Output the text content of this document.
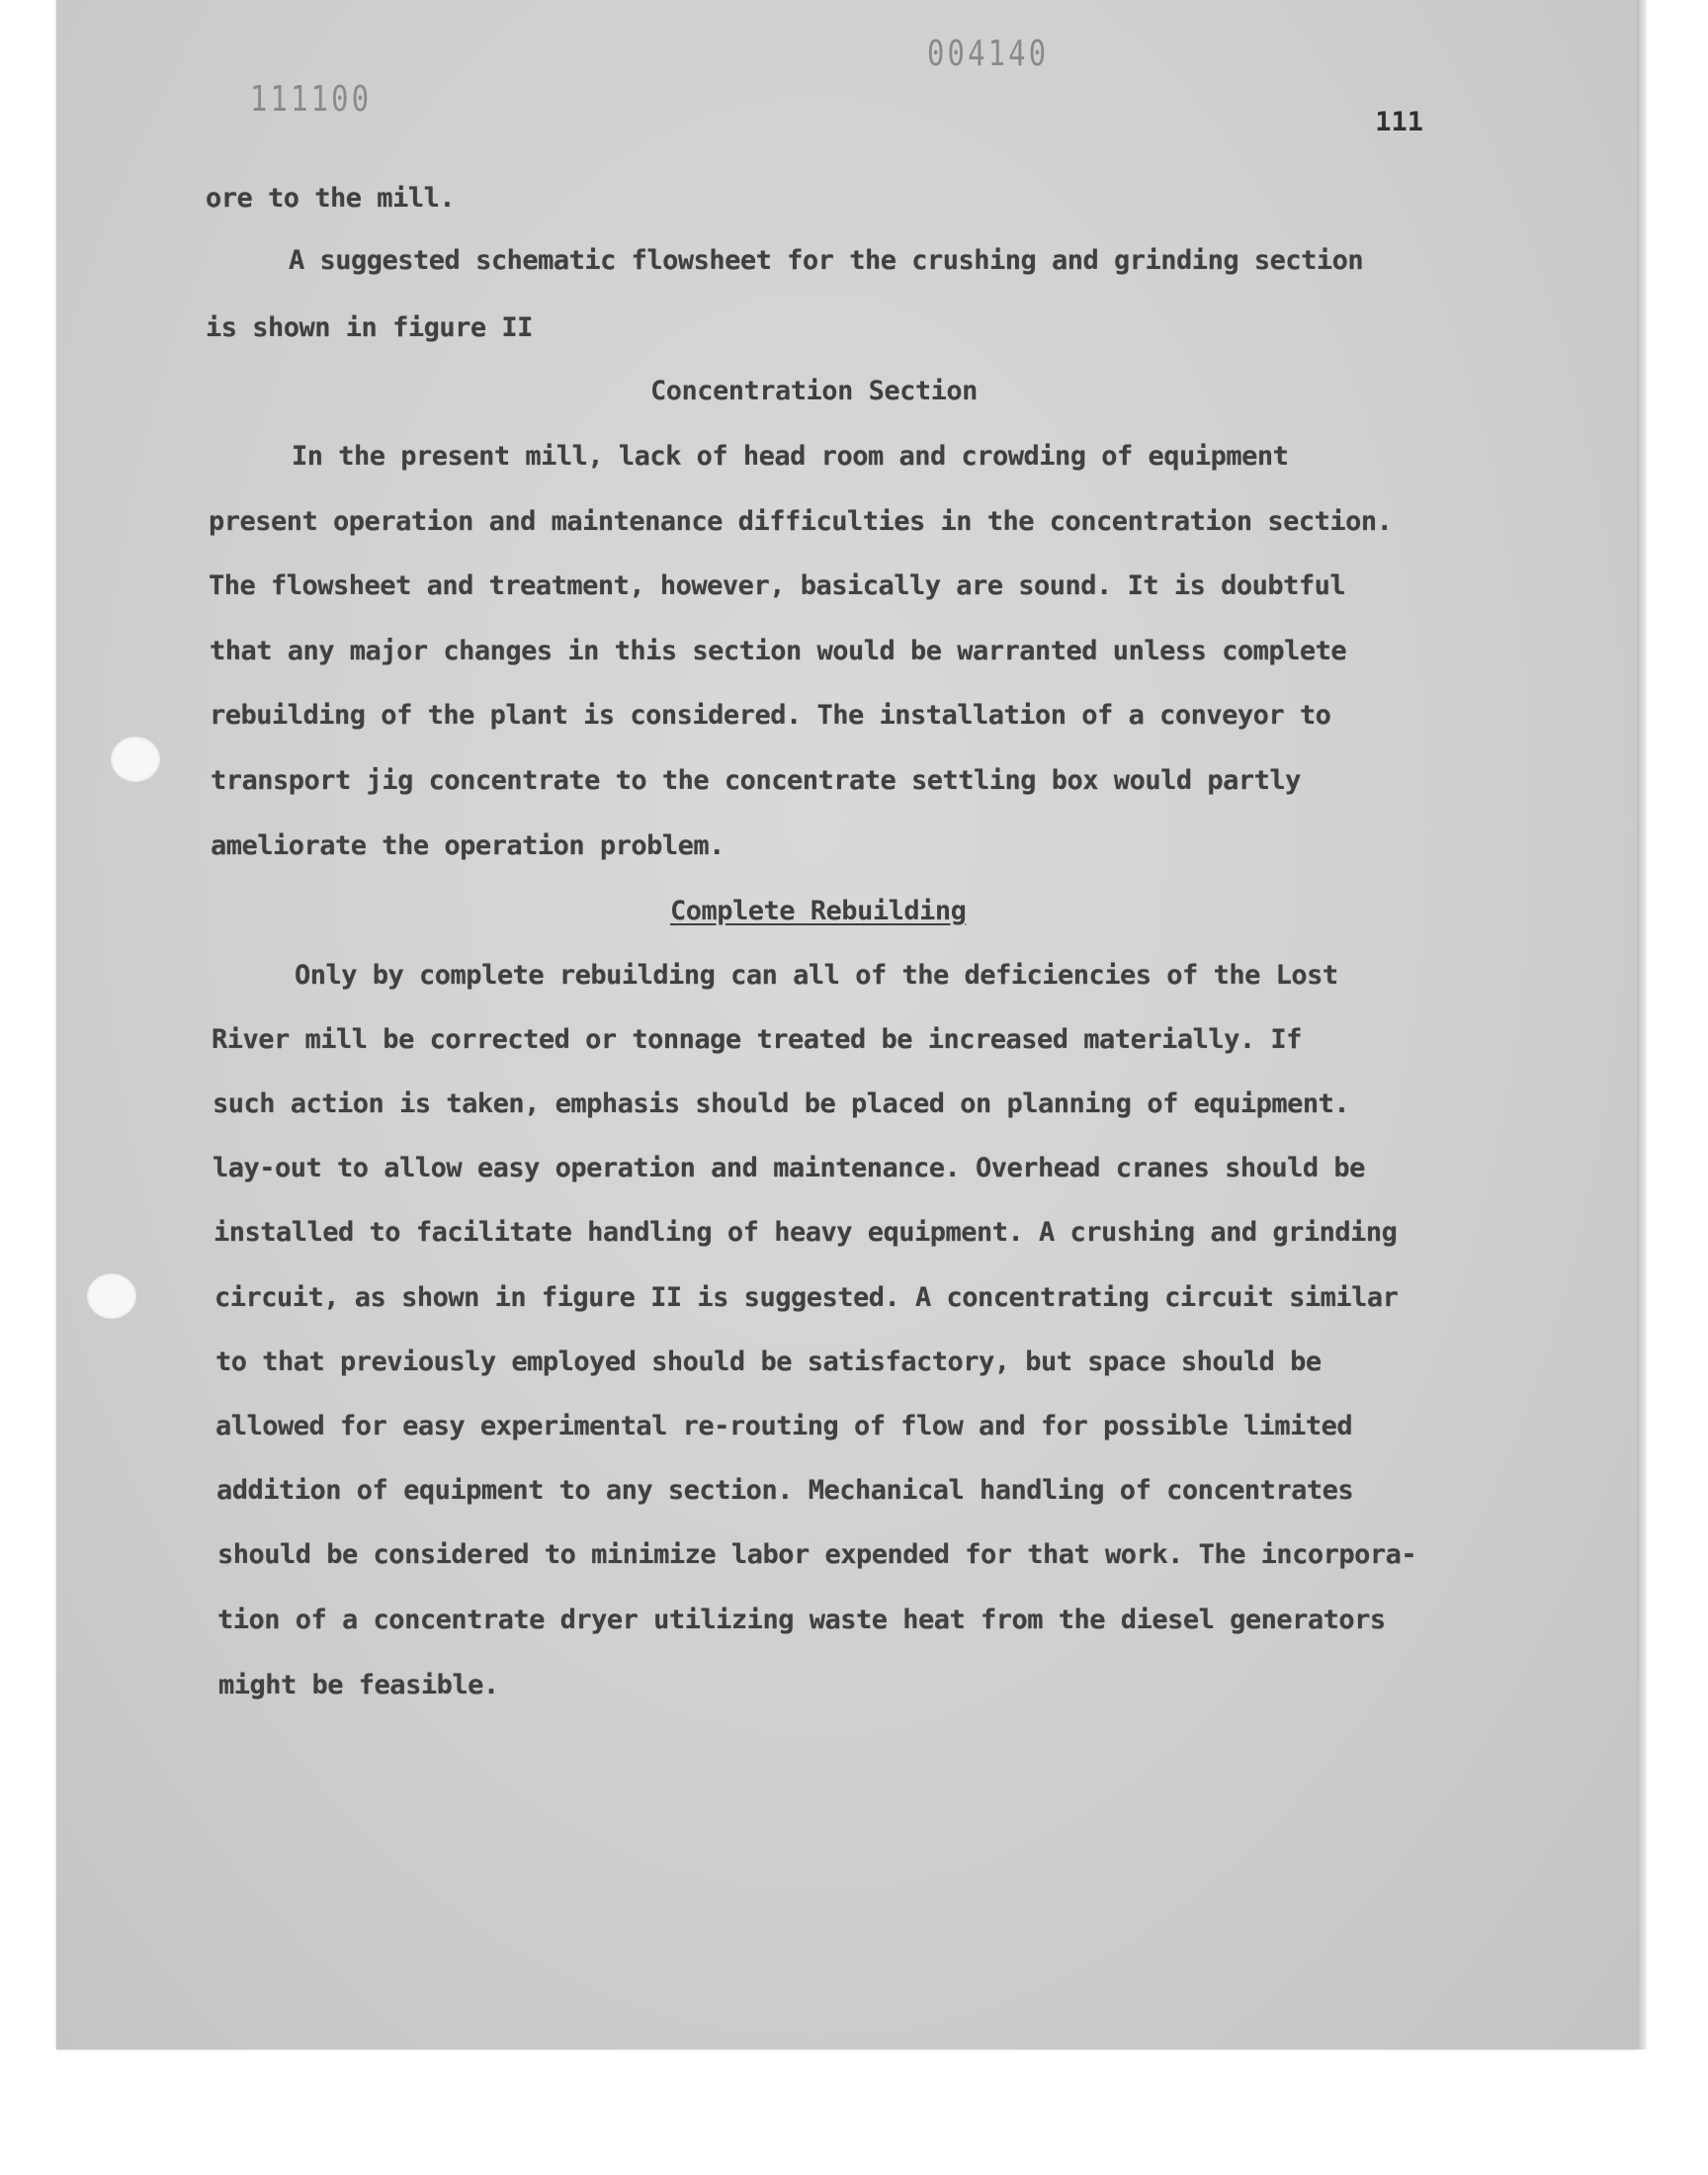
111100
004140
111
ore to the mill.
A suggested schematic flowsheet for the crushing and grinding section
is shown in figure II
Concentration Section
In the present mill, lack of head room and crowding of equipment
present operation and maintenance difficulties in the concentration section.
The flowsheet and treatment, however, basically are sound. It is doubtful
that any major changes in this section would be warranted unless complete
rebuilding of the plant is considered. The installation of a conveyor to
transport jig concentrate to the concentrate settling box would partly
ameliorate the operation problem.
Complete Rebuilding
Only by complete rebuilding can all of the deficiencies of the Lost
River mill be corrected or tonnage treated be increased materially. If
such action is taken, emphasis should be placed on planning of equipment.
lay-out to allow easy operation and maintenance. Overhead cranes should be
installed to facilitate handling of heavy equipment. A crushing and grinding
circuit, as shown in figure II is suggested. A concentrating circuit similar
to that previously employed should be satisfactory, but space should be
allowed for easy experimental re-routing of flow and for possible limited
addition of equipment to any section. Mechanical handling of concentrates
should be considered to minimize labor expended for that work. The incorpora-
tion of a concentrate dryer utilizing waste heat from the diesel generators
might be feasible.
